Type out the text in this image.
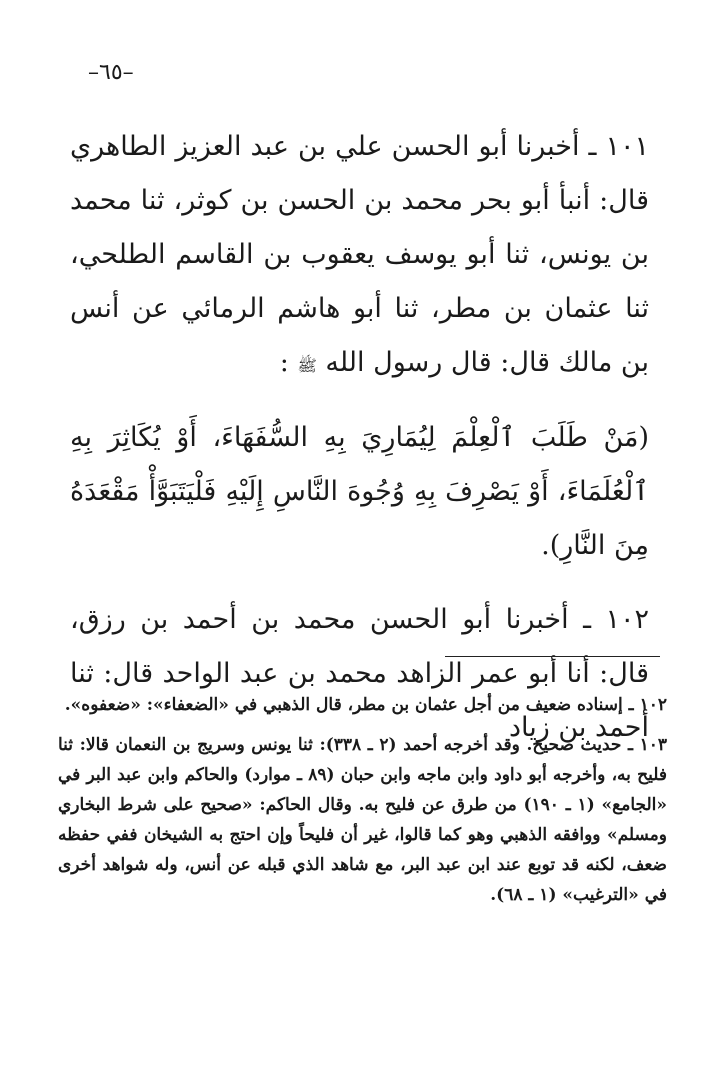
–٦٥–

١٠١ ـ أخبرنا أبو الحسن علي بن عبد العزيز الطاهري قال: أنبأ أبو بحر محمد بن الحسن بن كوثر، ثنا محمد بن يونس، ثنا أبو يوسف يعقوب بن القاسم الطلحي، ثنا عثمان بن مطر، ثنا أبو هاشم الرمائي عن أنس بن مالك قال: قال رسول الله ﷺ :

(مَنْ طَلَبَ ٱلْعِلْمَ لِيُمَارِيَ بِهِ السُّفَهَاءَ، أَوْ يُكَاثِرَ بِهِ ٱلْعُلَمَاءَ، أَوْ يَصْرِفَ بِهِ وُجُوهَ النَّاسِ إِلَيْهِ فَلْيَتَبَوَّأْ مَقْعَدَهُ مِنَ النَّارِ).

١٠٢ ـ أخبرنا أبو الحسن محمد بن أحمد بن رزق، قال: أنا أبو عمر الزاهد محمد بن عبد الواحد قال: ثنا أحمد بن زياد

١٠٢ ـ إسناده ضعيف من أجل عثمان بن مطر، قال الذهبي في «الضعفاء»: «ضعفوه».

١٠٣ ـ حديث صحيح. وقد أخرجه أحمد (٢ ـ ٣٣٨): ثنا يونس وسريج بن النعمان قالا: ثنا فليح به، وأخرجه أبو داود وابن ماجه وابن حبان (٨٩ ـ موارد) والحاكم وابن عبد البر في «الجامع» (١ ـ ١٩٠) من طرق عن فليح به. وقال الحاكم: «صحيح على شرط البخاري ومسلم» ووافقه الذهبي وهو كما قالوا، غير أن فليحاً وإن احتج به الشيخان ففي حفظه ضعف، لكنه قد توبع عند ابن عبد البر، مع شاهد الذي قبله عن أنس، وله شواهد أخرى في «الترغيب» (١ ـ ٦٨).
